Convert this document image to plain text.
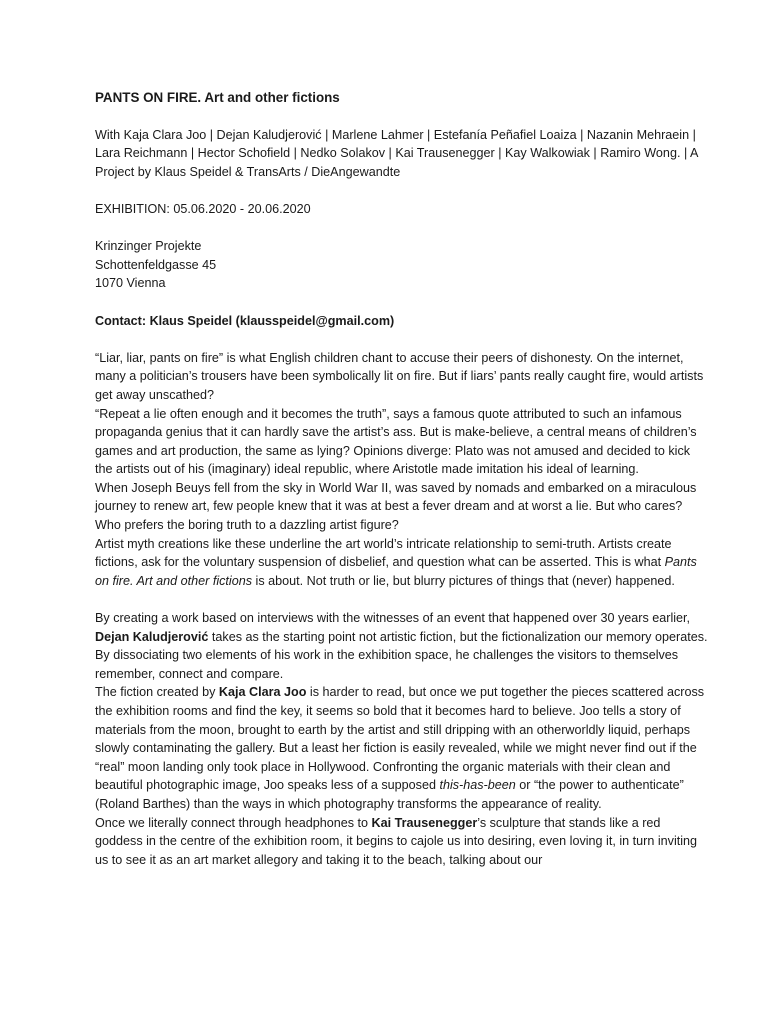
PANTS ON FIRE. Art and other fictions

With Kaja Clara Joo | Dejan Kaludjerović | Marlene Lahmer | Estefanía Peñafiel Loaiza | Nazanin Mehraein | Lara Reichmann | Hector Schofield | Nedko Solakov | Kai Trausenegger | Kay Walkowiak | Ramiro Wong. | A Project by Klaus Speidel & TransArts / DieAngewandte

EXHIBITION: 05.06.2020 - 20.06.2020

Krinzinger Projekte

Schottenfeldgasse 45

1070 Vienna

Contact: Klaus Speidel (klausspeidel@gmail.com)

“Liar, liar, pants on fire” is what English children chant to accuse their peers of dishonesty. On the internet, many a politician’s trousers have been symbolically lit on fire. But if liars’ pants really caught fire, would artists get away unscathed?

“Repeat a lie often enough and it becomes the truth”, says a famous quote attributed to such an infamous propaganda genius that it can hardly save the artist’s ass. But is make-believe, a central means of children’s games and art production, the same as lying? Opinions diverge: Plato was not amused and decided to kick the artists out of his (imaginary) ideal republic, where Aristotle made imitation his ideal of learning.

When Joseph Beuys fell from the sky in World War II, was saved by nomads and embarked on a miraculous journey to renew art, few people knew that it was at best a fever dream and at worst a lie. But who cares? Who prefers the boring truth to a dazzling artist figure?

Artist myth creations like these underline the art world’s intricate relationship to semi-truth. Artists create fictions, ask for the voluntary suspension of disbelief, and question what can be asserted. This is what Pants on fire. Art and other fictions is about. Not truth or lie, but blurry pictures of things that (never) happened.

By creating a work based on interviews with the witnesses of an event that happened over 30 years earlier, Dejan Kaludjerović takes as the starting point not artistic fiction, but the fictionalization our memory operates. By dissociating two elements of his work in the exhibition space, he challenges the visitors to themselves remember, connect and compare.

The fiction created by Kaja Clara Joo is harder to read, but once we put together the pieces scattered across the exhibition rooms and find the key, it seems so bold that it becomes hard to believe. Joo tells a story of materials from the moon, brought to earth by the artist and still dripping with an otherworldly liquid, perhaps slowly contaminating the gallery. But a least her fiction is easily revealed, while we might never find out if the “real” moon landing only took place in Hollywood. Confronting the organic materials with their clean and beautiful photographic image, Joo speaks less of a supposed this-has-been or “the power to authenticate” (Roland Barthes) than the ways in which photography transforms the appearance of reality.

Once we literally connect through headphones to Kai Trausenegger’s sculpture that stands like a red goddess in the centre of the exhibition room, it begins to cajole us into desiring, even loving it, in turn inviting us to see it as an art market allegory and taking it to the beach, talking about our
